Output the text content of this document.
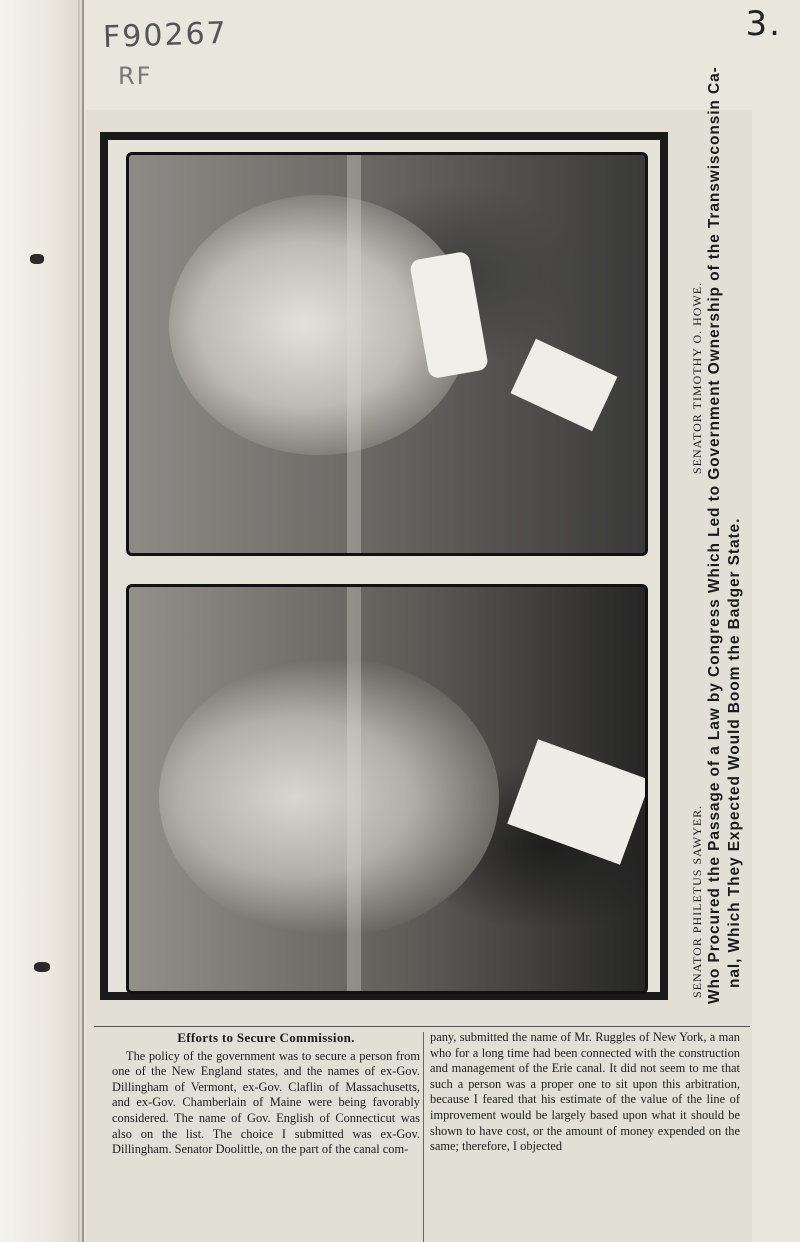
F90267
RF
3.
SENATOR PHILETUS SAWYER.
SENATOR TIMOTHY O. HOWE. Who Procured the Passage of a Law by Congress Which Led to Government Ownership of the Transwisconsin Ca- nal, Which They Expected Would Boom the Badger State.
Efforts to Secure Commission.

The policy of the government was to secure a person from one of the New England states, and the names of ex-Gov. Dillingham of Vermont, ex-Gov. Claflin of Massachusetts, and ex-Gov. Chamberlain of Maine were being favorably considered. The name of Gov. English of Connecticut was also on the list. The choice I submitted was ex-Gov. Dillingham. Senator Doolittle, on the part of the canal com-

pany, submitted the name of Mr. Ruggles of New York, a man who for a long time had been connected with the construction and management of the Erie canal. It did not seem to me that such a person was a proper one to sit upon this arbitration, because I feared that his estimate of the value of the line of improvement would be largely based upon what it should be shown to have cost, or the amount of money expended on the same; therefore, I objected
